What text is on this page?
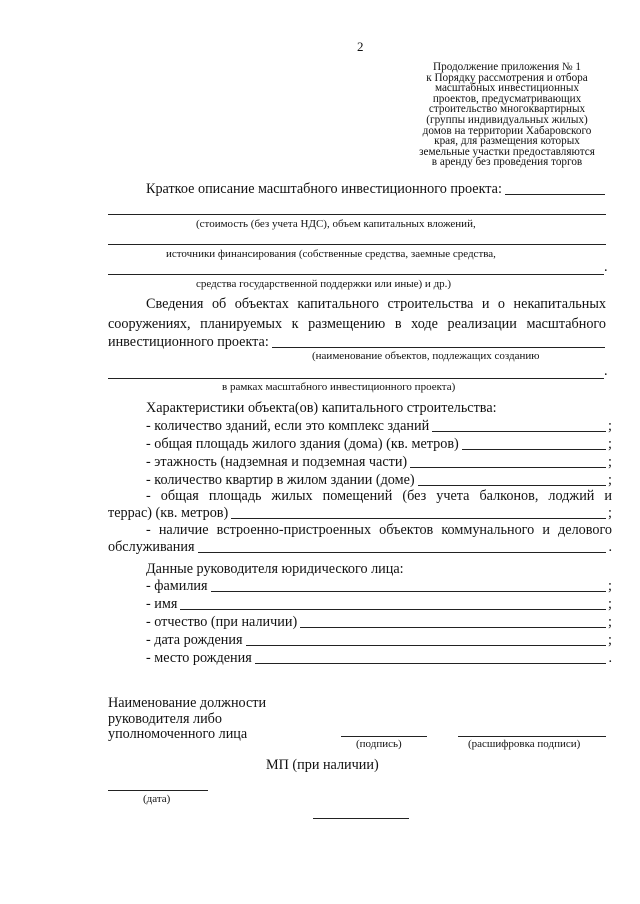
2
Продолжение приложения № 1
к Порядку рассмотрения и отбора
масштабных инвестиционных
проектов, предусматривающих
строительство многоквартирных
(группы индивидуальных жилых)
домов на территории Хабаровского
края, для размещения которых
земельные участки предоставляются
в аренду без проведения торгов
Краткое описание масштабного инвестиционного проекта:
(стоимость (без учета НДС), объем капитальных вложений,
источники финансирования (собственные средства, заемные средства,
.
средства государственной поддержки или иные) и др.)
Сведения об объектах капитального строительства и о некапитальных
сооружениях, планируемых к размещению в ходе реализации масштабного
инвестиционного проекта:
(наименование объектов, подлежащих созданию
.
в рамках масштабного инвестиционного проекта)
Характеристики объекта(ов) капитального строительства:
- количество зданий, если это комплекс зданий	;
- общая площадь жилого здания (дома) (кв. метров)	;
- этажность (надземная и подземная части)	;
- количество квартир в жилом здании (доме)	;
- общая площадь жилых помещений (без учета балконов, лоджий и
террас) (кв. метров)	;
- наличие встроенно-пристроенных объектов коммунального и делового
обслуживания	.
Данные руководителя юридического лица:
- фамилия	;
- имя	;
- отчество (при наличии)	;
- дата рождения	;
- место рождения	.
Наименование должности
руководителя либо
уполномоченного лица
(подпись)	(расшифровка подписи)
МП (при наличии)
(дата)
